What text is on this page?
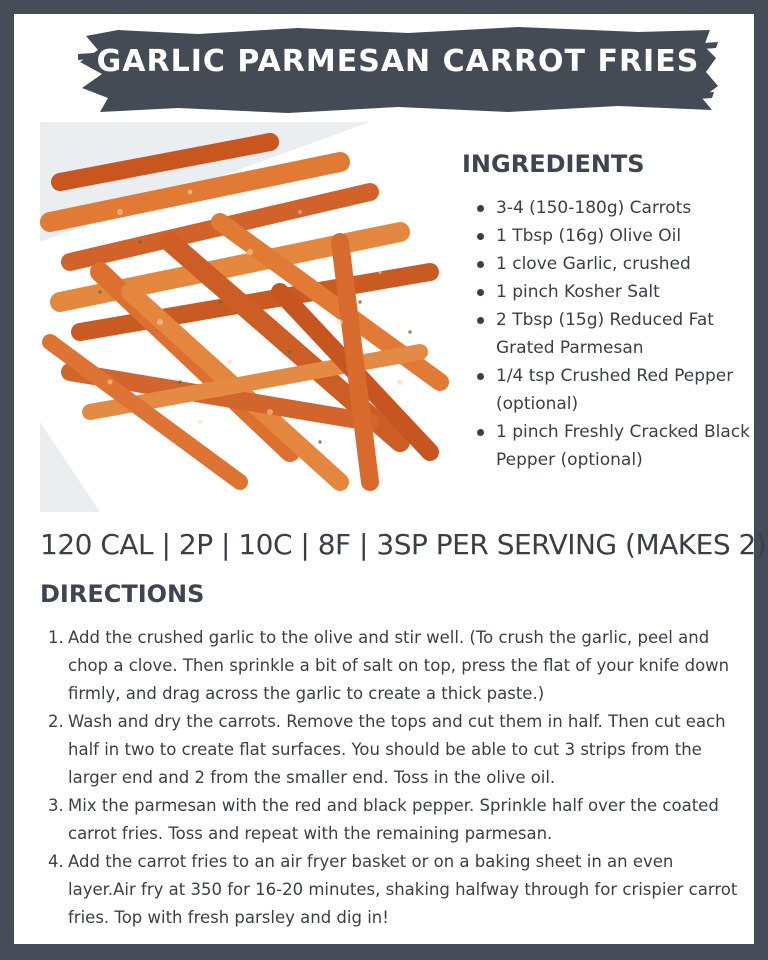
GARLIC PARMESAN CARROT FRIES
MASONFIT.COM
INGREDIENTS
3-4 (150-180g) Carrots
1 Tbsp (16g) Olive Oil
1 clove Garlic, crushed
1 pinch Kosher Salt
2 Tbsp (15g) Reduced Fat Grated Parmesan
1/4 tsp Crushed Red Pepper (optional)
1 pinch Freshly Cracked Black Pepper (optional)
120 CAL | 2P | 10C | 8F | 3SP PER SERVING (MAKES 2)
DIRECTIONS
1. Add the crushed garlic to the olive and stir well. (To crush the garlic, peel and chop a clove. Then sprinkle a bit of salt on top, press the flat of your knife down firmly, and drag across the garlic to create a thick paste.)
2. Wash and dry the carrots. Remove the tops and cut them in half. Then cut each half in two to create flat surfaces. You should be able to cut 3 strips from the larger end and 2 from the smaller end. Toss in the olive oil.
3. Mix the parmesan with the red and black pepper. Sprinkle half over the coated carrot fries. Toss and repeat with the remaining parmesan.
4. Add the carrot fries to an air fryer basket or on a baking sheet in an even layer.Air fry at 350 for 16-20 minutes, shaking halfway through for crispier carrot fries. Top with fresh parsley and dig in!
